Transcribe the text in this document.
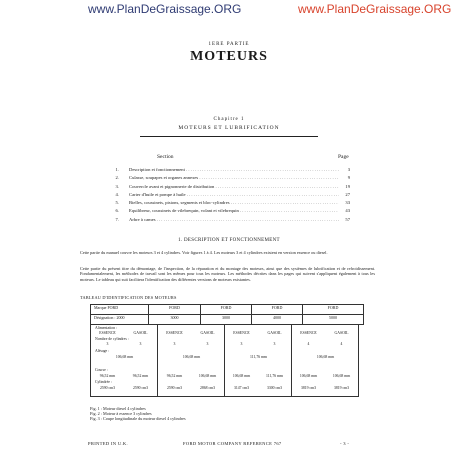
www.PlanDeGraissage.ORG	www.PlanDeGraissage.ORG
1ERE PARTIE
MOTEURS
Chapitre 1
MOTEURS ET LUBRIFICATION
Section	Page
1. Description et fonctionnement . . .	3
2. Culasse, soupapes et organes annexes . . .	9
3. Couvercle avant et pignonnerie de distribution . . .	19
4. Carter d'huile et pompe à huile . . .	27
5. Bielles, coussinets, pistons, segments et bloc-cylindres . . .	33
6. Equilibreur, coussinets de vilebrequin, volant et vilebrequin . . .	43
7. Arbre à cames . . .	57
1. DESCRIPTION ET FONCTIONNEMENT
Cette partie du manuel couvre les moteurs 3 et 4 cylindres. Voir figures 1 à 4. Les moteurs 3 et 4 cylindres existent en version essence ou diesel.
Cette partie du présent titre du démontage, de l'inspection, de la réparation et du montage des moteurs, ainsi que des systèmes de lubrification et de refroidissement. Fondamentalement, les méthodes de travail sont les mêmes pour tous les moteurs. Les méthodes décrites dans les pages qui suivent s'appliquent également à tous les moteurs. Le tableau qui suit facilitera l'identification des différentes versions de moteurs existantes.
TABLEAU D'IDENTIFICATION DES MOTEURS
Marque FORD	FORD	FORD	FORD	FORD
Désignation : 2000	3000	3000	4000	5000
Alimentation :
ESSENCE	GASOIL	ESSENCE	GASOIL	ESSENCE	GASOIL	ESSENCE	GASOIL
Nombre de cylindres :
3	3	3	3	3	3	4	4
Alésage :
106,68 mm	106,68 mm	111,76 mm	106,68 mm
Course :
96,52 mm	96,52 mm	96,52 mm	106,68 mm	106,68 mm	111,76 mm	106,68 mm	106,68 mm
Cylindrée :
2590 cm3	2590 cm3	2590 cm3	2868 cm3	3147 cm3	3300 cm3	3819 cm3	3819 cm3
Fig. 1 : Moteur diesel 4 cylindres
Fig. 2 : Moteur à essence 3 cylindres
Fig. 3 : Coupe longitudinale du moteur diesel 4 cylindres
PRINTED IN U.K.	FORD MOTOR COMPANY REFERENCE 767	- 3 -
